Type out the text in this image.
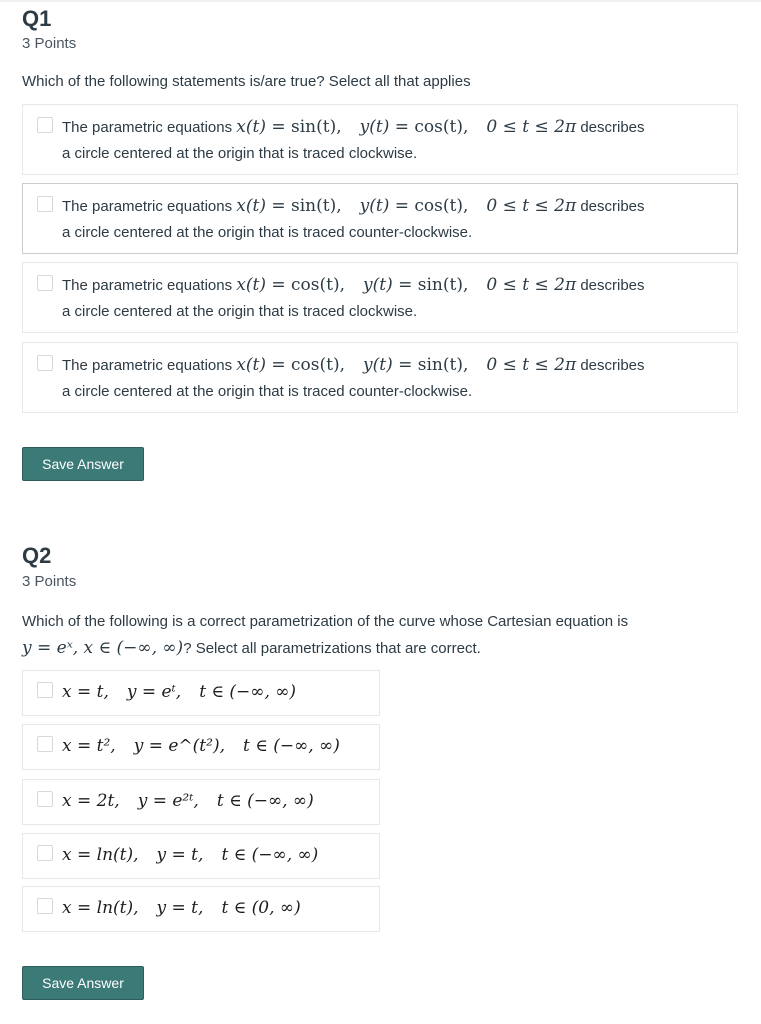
Q1
3 Points
Which of the following statements is/are true? Select all that applies
The parametric equations x(t) = sin(t), y(t) = cos(t), 0 ≤ t ≤ 2π describes
a circle centered at the origin that is traced clockwise.
The parametric equations x(t) = sin(t), y(t) = cos(t), 0 ≤ t ≤ 2π describes
a circle centered at the origin that is traced counter-clockwise.
The parametric equations x(t) = cos(t), y(t) = sin(t), 0 ≤ t ≤ 2π describes
a circle centered at the origin that is traced clockwise.
The parametric equations x(t) = cos(t), y(t) = sin(t), 0 ≤ t ≤ 2π describes
a circle centered at the origin that is traced counter-clockwise.
Save Answer
Q2
3 Points
Which of the following is a correct parametrization of the curve whose Cartesian equation is
y = eˣ, x ∈ (−∞, ∞)? Select all parametrizations that are correct.
x = t, y = eᵗ, t ∈ (−∞, ∞)
x = t², y = e^(t²), t ∈ (−∞, ∞)
x = 2t, y = e²ᵗ, t ∈ (−∞, ∞)
x = ln(t), y = t, t ∈ (−∞, ∞)
x = ln(t), y = t, t ∈ (0, ∞)
Save Answer
